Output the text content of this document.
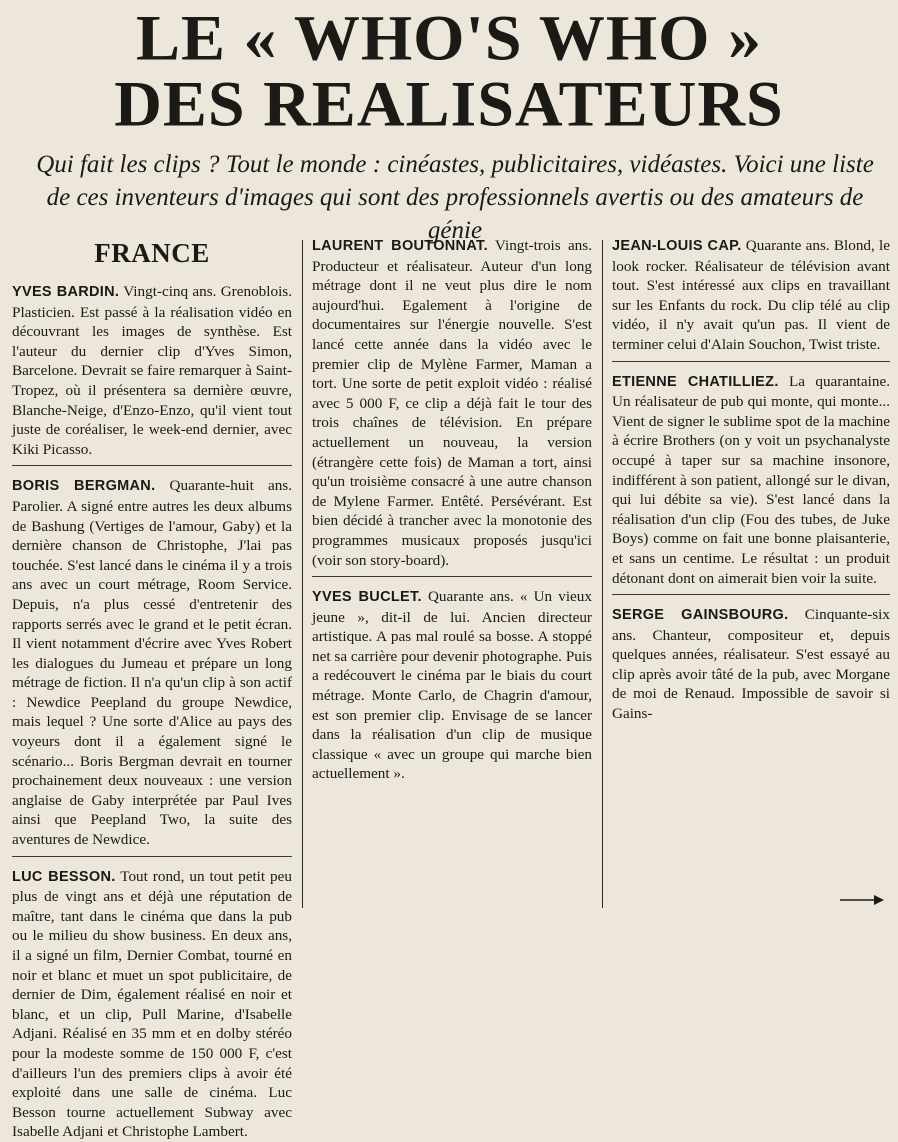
LE « WHO'S WHO »
DES REALISATEURS
Qui fait les clips ? Tout le monde : cinéastes, publicitaires, vidéastes. Voici une liste de ces inventeurs d'images qui sont des professionnels avertis ou des amateurs de génie
FRANCE
YVES BARDIN. Vingt-cinq ans. Grenoblois. Plasticien. Est passé à la réalisation vidéo en découvrant les images de synthèse. Est l'auteur du dernier clip d'Yves Simon, Barcelone. Devrait se faire remarquer à Saint-Tropez, où il présentera sa dernière œuvre, Blanche-Neige, d'Enzo-Enzo, qu'il vient tout juste de coréaliser, le week-end dernier, avec Kiki Picasso.
BORIS BERGMAN. Quarante-huit ans. Parolier. A signé entre autres les deux albums de Bashung (Vertiges de l'amour, Gaby) et la dernière chanson de Christophe, J'lai pas touchée. S'est lancé dans le cinéma il y a trois ans avec un court métrage, Room Service. Depuis, n'a plus cessé d'entretenir des rapports serrés avec le grand et le petit écran. Il vient notamment d'écrire avec Yves Robert les dialogues du Jumeau et prépare un long métrage de fiction. Il n'a qu'un clip à son actif : Newdice Peepland du groupe Newdice, mais lequel ? Une sorte d'Alice au pays des voyeurs dont il a également signé le scénario... Boris Bergman devrait en tourner prochainement deux nouveaux : une version anglaise de Gaby interprétée par Paul Ives ainsi que Peepland Two, la suite des aventures de Newdice.
LUC BESSON. Tout rond, un tout petit peu plus de vingt ans et déjà une réputation de maître, tant dans le cinéma que dans la pub ou le milieu du show business. En deux ans, il a signé un film, Dernier Combat, tourné en noir et blanc et muet un spot publicitaire, de dernier de Dim, également réalisé en noir et blanc, et un clip, Pull Marine, d'Isabelle Adjani. Réalisé en 35 mm et en dolby stéréo pour la modeste somme de 150 000 F, c'est d'ailleurs l'un des premiers clips à avoir été exploité dans une salle de cinéma. Luc Besson tourne actuellement Subway avec Isabelle Adjani et Christophe Lambert.
LAURENT BOUTONNAT. Vingt-trois ans. Producteur et réalisateur. Auteur d'un long métrage dont il ne veut plus dire le nom aujourd'hui. Egalement à l'origine de documentaires sur l'énergie nouvelle. S'est lancé cette année dans la vidéo avec le premier clip de Mylène Farmer, Maman a tort. Une sorte de petit exploit vidéo : réalisé avec 5 000 F, ce clip a déjà fait le tour des trois chaînes de télévision. En prépare actuellement un nouveau, la version (étrangère cette fois) de Maman a tort, ainsi qu'un troisième consacré à une autre chanson de Mylene Farmer. Entêté. Persévérant. Est bien décidé à trancher avec la monotonie des programmes musicaux proposés jusqu'ici (voir son story-board).
YVES BUCLET. Quarante ans. « Un vieux jeune », dit-il de lui. Ancien directeur artistique. A pas mal roulé sa bosse. A stoppé net sa carrière pour devenir photographe. Puis a redécouvert le cinéma par le biais du court métrage. Monte Carlo, de Chagrin d'amour, est son premier clip. Envisage de se lancer dans la réalisation d'un clip de musique classique « avec un groupe qui marche bien actuellement ».
JEAN-LOUIS CAP. Quarante ans. Blond, le look rocker. Réalisateur de télévision avant tout. S'est intéressé aux clips en travaillant sur les Enfants du rock. Du clip télé au clip vidéo, il n'y avait qu'un pas. Il vient de terminer celui d'Alain Souchon, Twist triste.
ETIENNE CHATILLIEZ. La quarantaine. Un réalisateur de pub qui monte, qui monte... Vient de signer le sublime spot de la machine à écrire Brothers (on y voit un psychanalyste occupé à taper sur sa machine insonore, indifférent à son patient, allongé sur le divan, qui lui débite sa vie). S'est lancé dans la réalisation d'un clip (Fou des tubes, de Juke Boys) comme on fait une bonne plaisanterie, et sans un centime. Le résultat : un produit détonant dont on aimerait bien voir la suite.
SERGE GAINSBOURG. Cinquante-six ans. Chanteur, compositeur et, depuis quelques années, réalisateur. S'est essayé au clip après avoir tâté de la pub, avec Morgane de moi de Renaud. Impossible de savoir si Gains-
